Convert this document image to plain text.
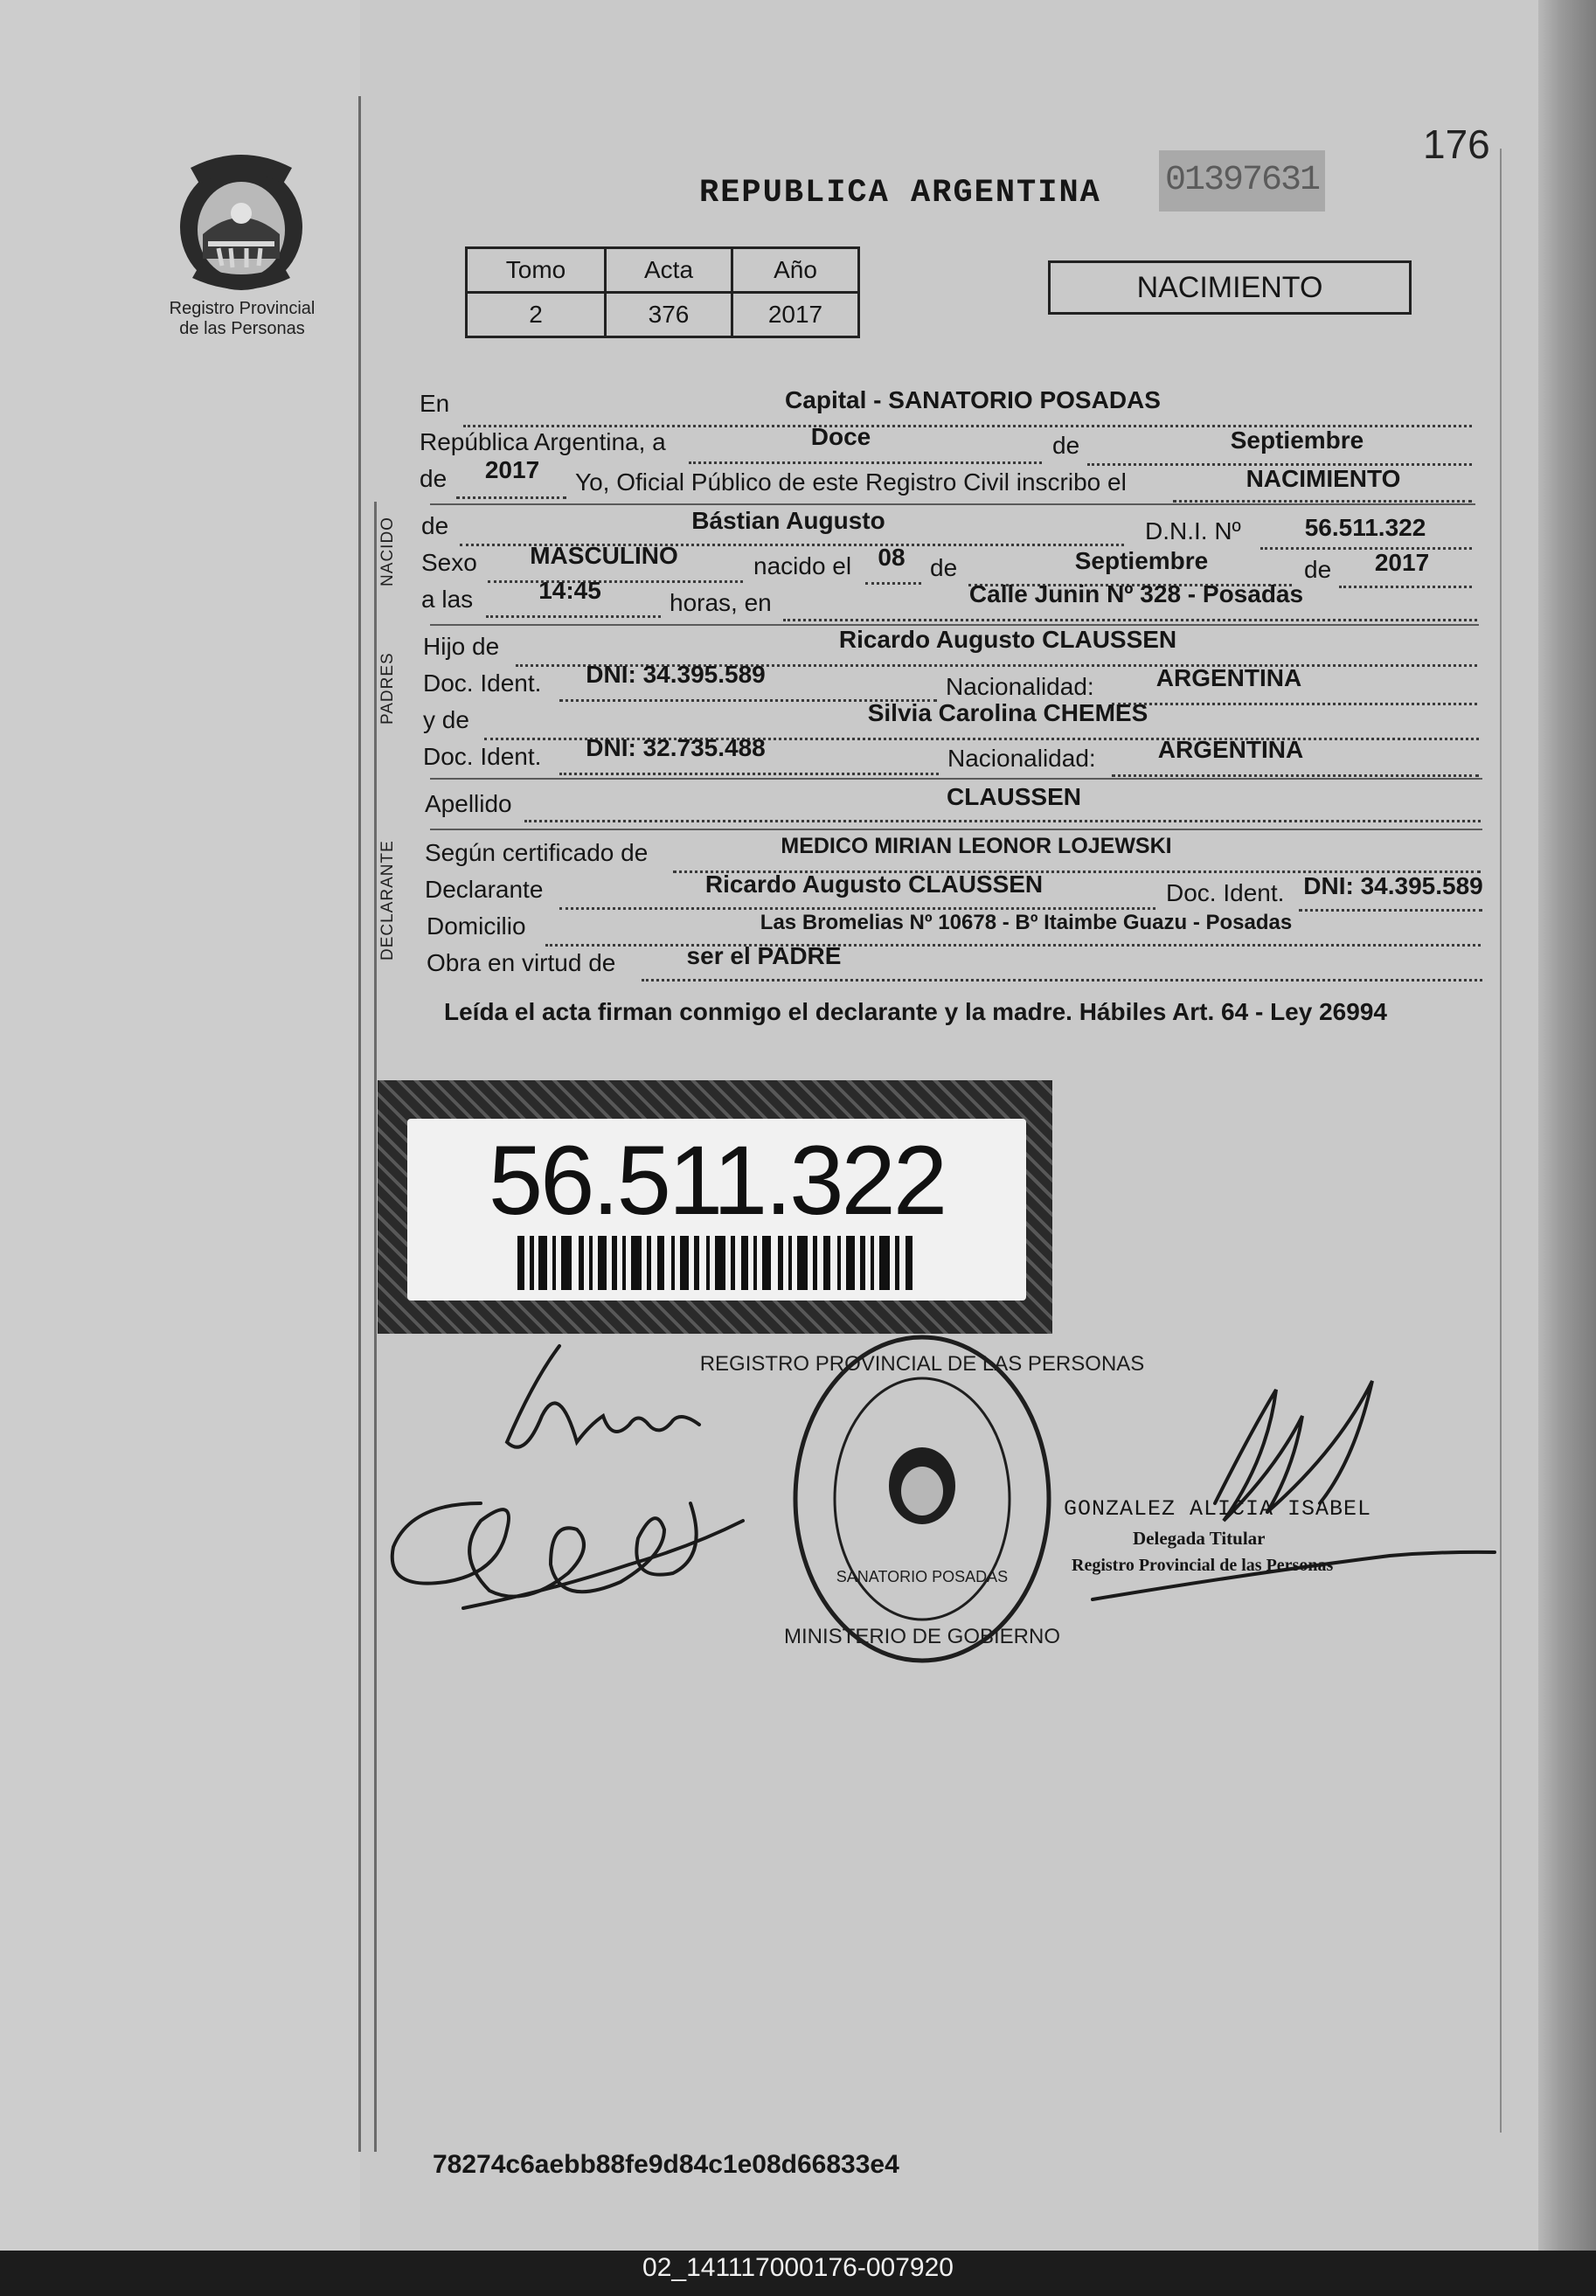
176
01397631
REPUBLICA ARGENTINA
Registro Provincial
de las Personas
Tomo	Acta	Año
2	376	2017
NACIMIENTO
NACIDO
PADRES
DECLARANTE
En	Capital - SANATORIO POSADAS
República Argentina, a	Doce	de	Septiembre
de 2017 Yo, Oficial Público de este Registro Civil inscribo el	NACIMIENTO
de	Bástian Augusto	D.N.I. Nº	56.511.322
Sexo MASCULINO	nacido el 08 de	Septiembre	de 2017
a las	14:45	horas, en	Calle Junin Nº 328 - Posadas
Hijo de	Ricardo Augusto CLAUSSEN
Doc. Ident. DNI: 34.395.589	Nacionalidad:	ARGENTINA
y de	Silvia Carolina CHEMES
Doc. Ident. DNI: 32.735.488	Nacionalidad:	ARGENTINA
Apellido	CLAUSSEN
Según certificado de	MEDICO MIRIAN LEONOR LOJEWSKI
Declarante	Ricardo Augusto CLAUSSEN	Doc. Ident. DNI: 34.395.589
Domicilio	Las Bromelias Nº 10678 - Bº Itaimbe Guazu - Posadas
Obra en virtud de	ser el PADRE
Leída el acta firman conmigo el declarante y la madre. Hábiles Art. 64 - Ley 26994
56.511.322
REGISTRO PROVINCIAL DE LAS PERSONAS
MINISTERIO DE GOBIERNO
SANATORIO POSADAS
GONZALEZ ALICIA ISABEL
Delegada Titular
Registro Provincial de las Personas
78274c6aebb88fe9d84c1e08d66833e4
02_141117000176-007920
